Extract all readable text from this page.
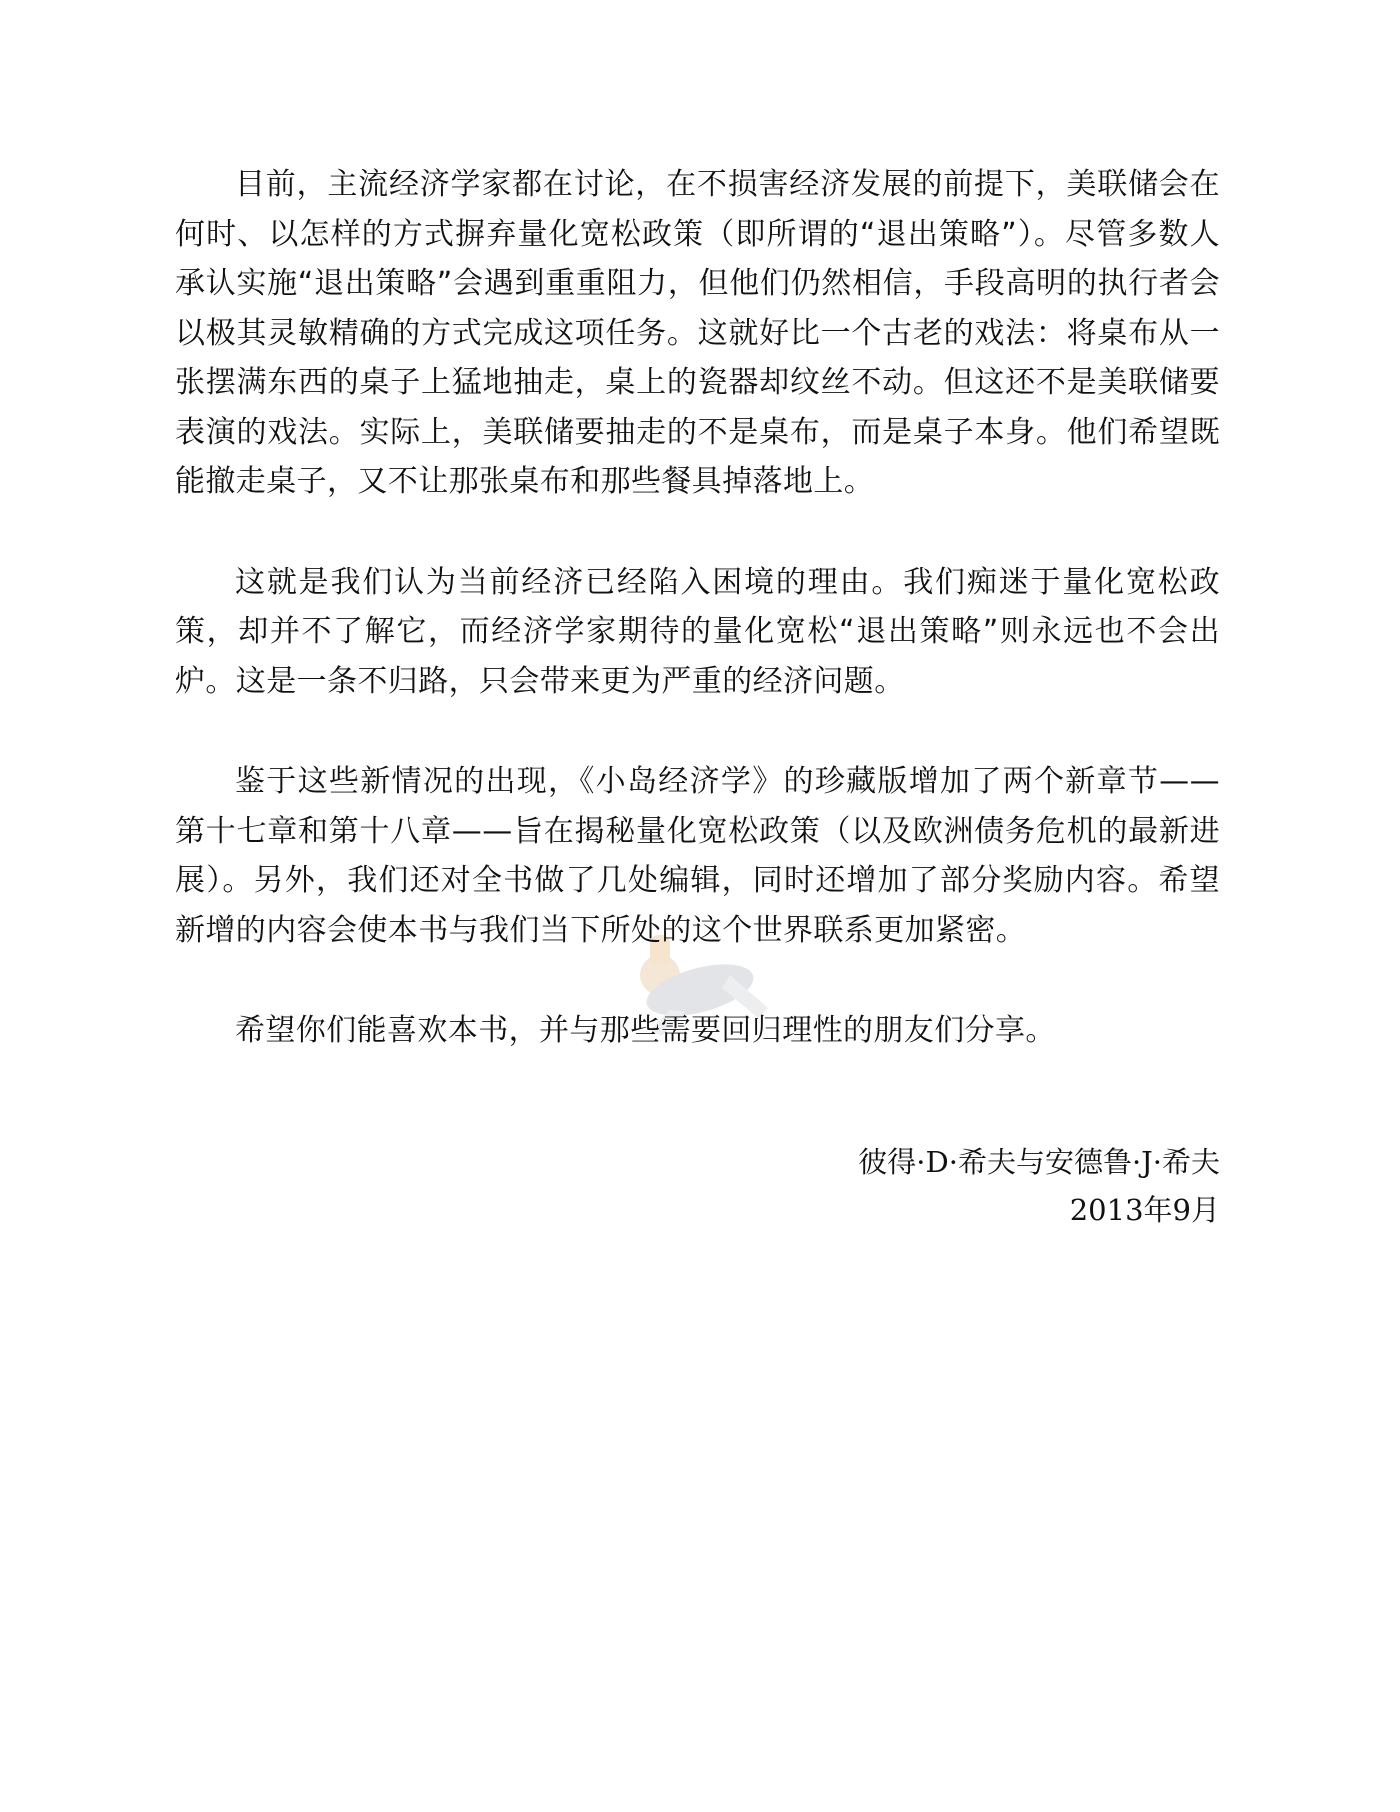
目前，主流经济学家都在讨论，在不损害经济发展的前提下，美联储会在何时、以怎样的方式摒弃量化宽松政策（即所谓的“退出策略”）。尽管多数人承认实施“退出策略”会遇到重重阻力，但他们仍然相信，手段高明的执行者会以极其灵敏精确的方式完成这项任务。这就好比一个古老的戏法：将桌布从一张摆满东西的桌子上猛地抽走，桌上的瓷器却纹丝不动。但这还不是美联储要表演的戏法。实际上，美联储要抽走的不是桌布，而是桌子本身。他们希望既能撤走桌子，又不让那张桌布和那些餐具掉落地上。

这就是我们认为当前经济已经陷入困境的理由。我们痴迷于量化宽松政策，却并不了解它，而经济学家期待的量化宽松“退出策略”则永远也不会出炉。这是一条不归路，只会带来更为严重的经济问题。

鉴于这些新情况的出现，《小岛经济学》的珍藏版增加了两个新章节——第十七章和第十八章——旨在揭秘量化宽松政策（以及欧洲债务危机的最新进展）。另外，我们还对全书做了几处编辑，同时还增加了部分奖励内容。希望新增的内容会使本书与我们当下所处的这个世界联系更加紧密。

希望你们能喜欢本书，并与那些需要回归理性的朋友们分享。

彼得·D·希夫与安德鲁·J·希夫
2013年9月
